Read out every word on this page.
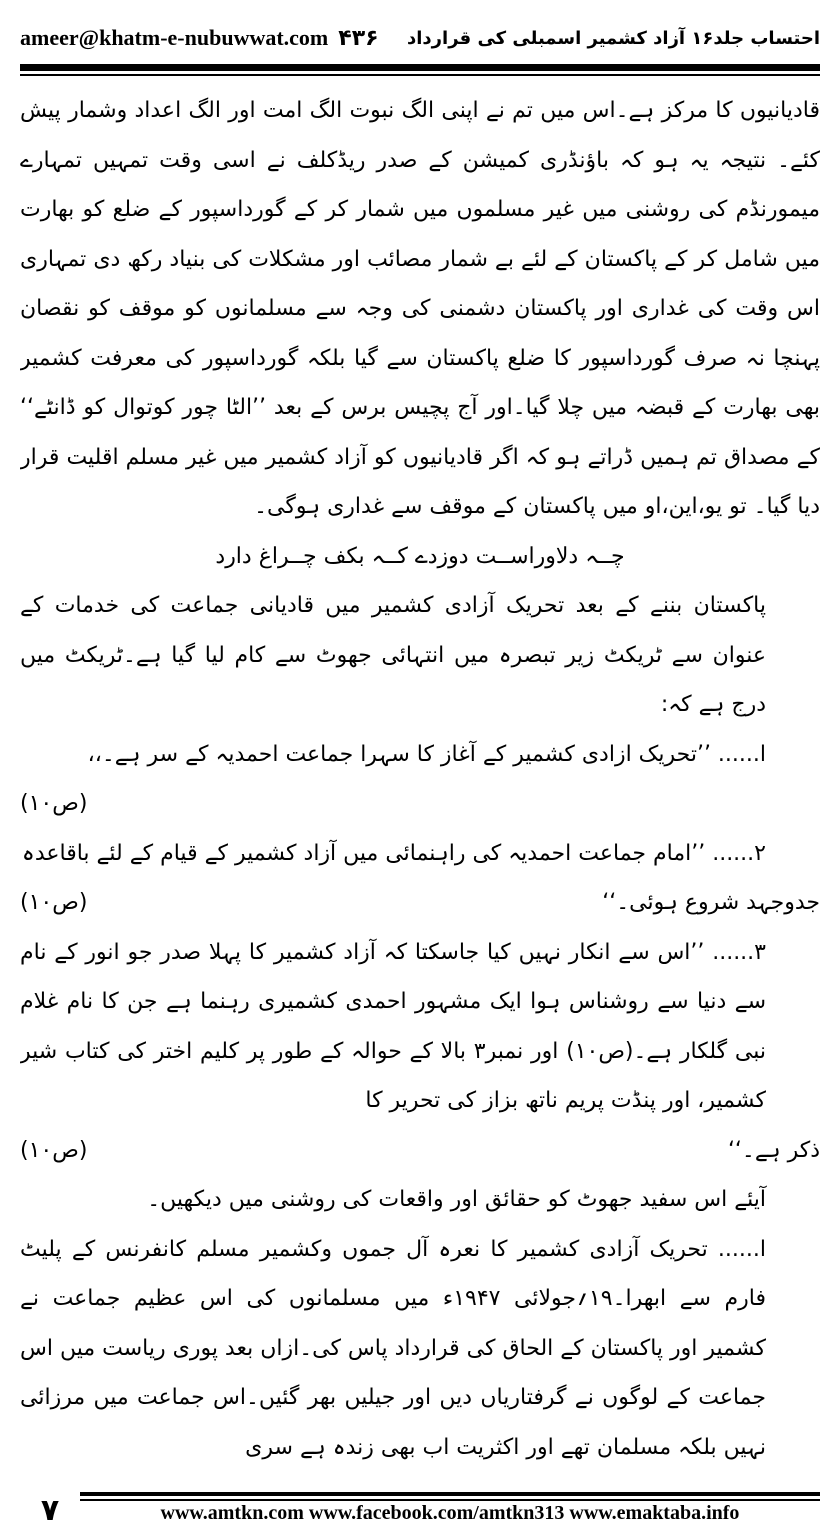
ameer@khatm-e-nubuwwat.com ۴۳۶ احتساب جلد۱۶ آزاد کشمیر اسمبلی کی قرارداد

قادیانیوں کا مرکز ہے۔اس میں تم نے اپنی الگ نبوت الگ امت اور الگ اعداد وشمار پیش کئے۔ نتیجہ یہ ہو کہ باؤنڈری کمیشن کے صدر ریڈکلف نے اسی وقت تمہیں تمہارے میمورنڈم کی روشنی میں غیر مسلموں میں شمار کر کے گورداسپور کے ضلع کو بھارت میں شامل کر کے پاکستان کے لئے بے شمار مصائب اور مشکلات کی بنیاد رکھ دی تمہاری اس وقت کی غداری اور پاکستان دشمنی کی وجہ سے مسلمانوں کو موقف کو نقصان پہنچا نہ صرف گورداسپور کا ضلع پاکستان سے گیا بلکہ گورداسپور کی معرفت کشمیر بھی بھارت کے قبضہ میں چلا گیا۔اور آج پچیس برس کے بعد ’’الٹا چور کوتوال کو ڈانٹے‘‘ کے مصداق تم ہمیں ڈراتے ہو کہ اگر قادیانیوں کو آزاد کشمیر میں غیر مسلم اقلیت قرار دیا گیا۔ تو یو،این،او میں پاکستان کے موقف سے غداری ہوگی۔

چــہ دلاوراســت دوزدے کــہ بکف چــراغ دارد

پاکستان بننے کے بعد تحریک آزادی کشمیر میں قادیانی جماعت کی خدمات کے عنوان سے ٹریکٹ زیر تبصرہ میں انتہائی جھوٹ سے کام لیا گیا ہے۔ٹریکٹ میں درج ہے کہ:

ا...... ’’تحریک ازادی کشمیر کے آغاز کا سہرا جماعت احمدیہ کے سر ہے۔،،

(ص۱۰)

۲...... ’’امام جماعت احمدیہ کی راہنمائی میں آزاد کشمیر کے قیام کے لئے باقاعدہ

جدوجہد شروع ہوئی۔‘‘
(ص۱۰)

۳...... ’’اس سے انکار نہیں کیا جاسکتا کہ آزاد کشمیر کا پہلا صدر جو انور کے نام سے دنیا سے روشناس ہوا ایک مشہور احمدی کشمیری رہنما ہے جن کا نام غلام نبی گلکار ہے۔(ص۱۰) اور نمبر۳ بالا کے حوالہ کے طور پر کلیم اختر کی کتاب شیر کشمیر، اور پنڈت پریم ناتھ بزاز کی تحریر کا

ذکر ہے۔‘‘
(ص۱۰)

آیئے اس سفید جھوٹ کو حقائق اور واقعات کی روشنی میں دیکھیں۔

ا...... تحریک آزادی کشمیر کا نعرہ آل جموں وکشمیر مسلم کانفرنس کے پلیٹ فارم سے ابھرا۔۱۹؍جولائی ۱۹۴۷ء میں مسلمانوں کی اس عظیم جماعت نے کشمیر اور پاکستان کے الحاق کی قرارداد پاس کی۔ازاں بعد پوری ریاست میں اس جماعت کے لوگوں نے گرفتاریاں دیں اور جیلیں بھر گئیں۔اس جماعت میں مرزائی نہیں بلکہ مسلمان تھے اور اکثریت اب بھی زندہ ہے سری

۷	www.amtkn.com www.facebook.com/amtkn313 www.emaktaba.info
